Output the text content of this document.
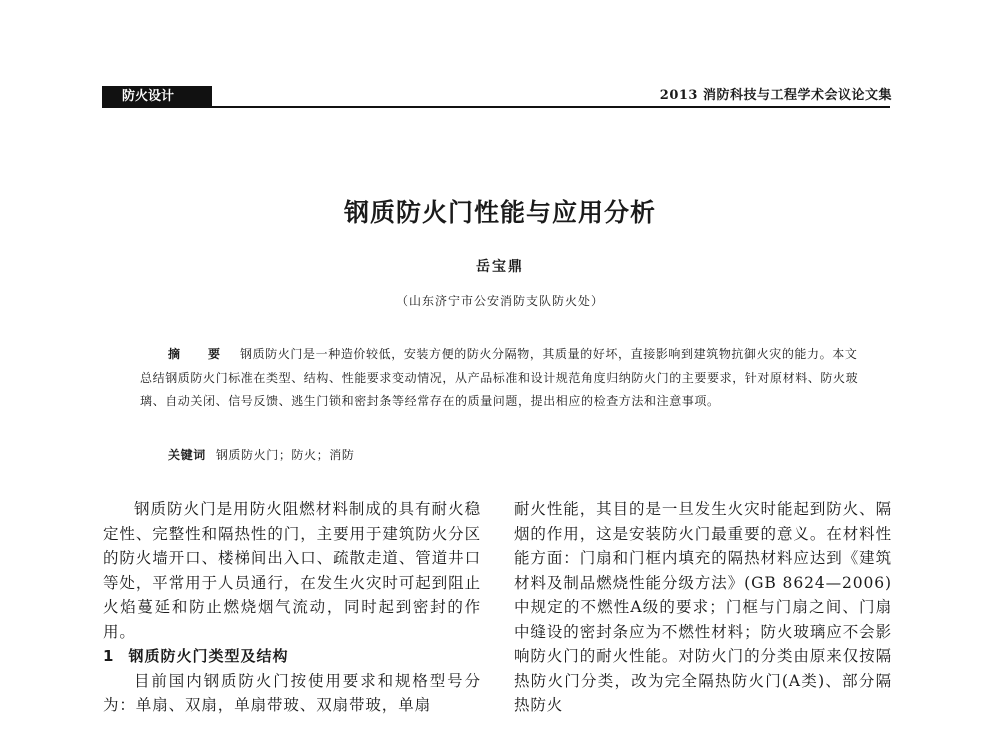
防火设计	2013 消防科技与工程学术会议论文集
钢质防火门性能与应用分析
岳宝鼎
（山东济宁市公安消防支队防火处）
摘　要 钢质防火门是一种造价较低，安装方便的防火分隔物，其质量的好坏，直接影响到建筑物抗御火灾的能力。本文总结钢质防火门标准在类型、结构、性能要求变动情况，从产品标准和设计规范角度归纳防火门的主要要求，针对原材料、防火玻璃、自动关闭、信号反馈、逃生门锁和密封条等经常存在的质量问题，提出相应的检查方法和注意事项。
关键词 钢质防火门；防火；消防

钢质防火门是用防火阻燃材料制成的具有耐火稳定性、完整性和隔热性的门，主要用于建筑防火分区的防火墙开口、楼梯间出入口、疏散走道、管道井口等处，平常用于人员通行，在发生火灾时可起到阻止火焰蔓延和防止燃烧烟气流动，同时起到密封的作用。

1 钢质防火门类型及结构

目前国内钢质防火门按使用要求和规格型号分为：单扇、双扇，单扇带玻、双扇带玻，单扇

耐火性能，其目的是一旦发生火灾时能起到防火、隔烟的作用，这是安装防火门最重要的意义。在材料性能方面：门扇和门框内填充的隔热材料应达到《建筑材料及制品燃烧性能分级方法》(GB 8624—2006)中规定的不燃性A级的要求；门框与门扇之间、门扇中缝设的密封条应为不燃性材料；防火玻璃应不会影响防火门的耐火性能。对防火门的分类由原来仅按隔热防火门分类，改为完全隔热防火门(A类)、部分隔热防火
